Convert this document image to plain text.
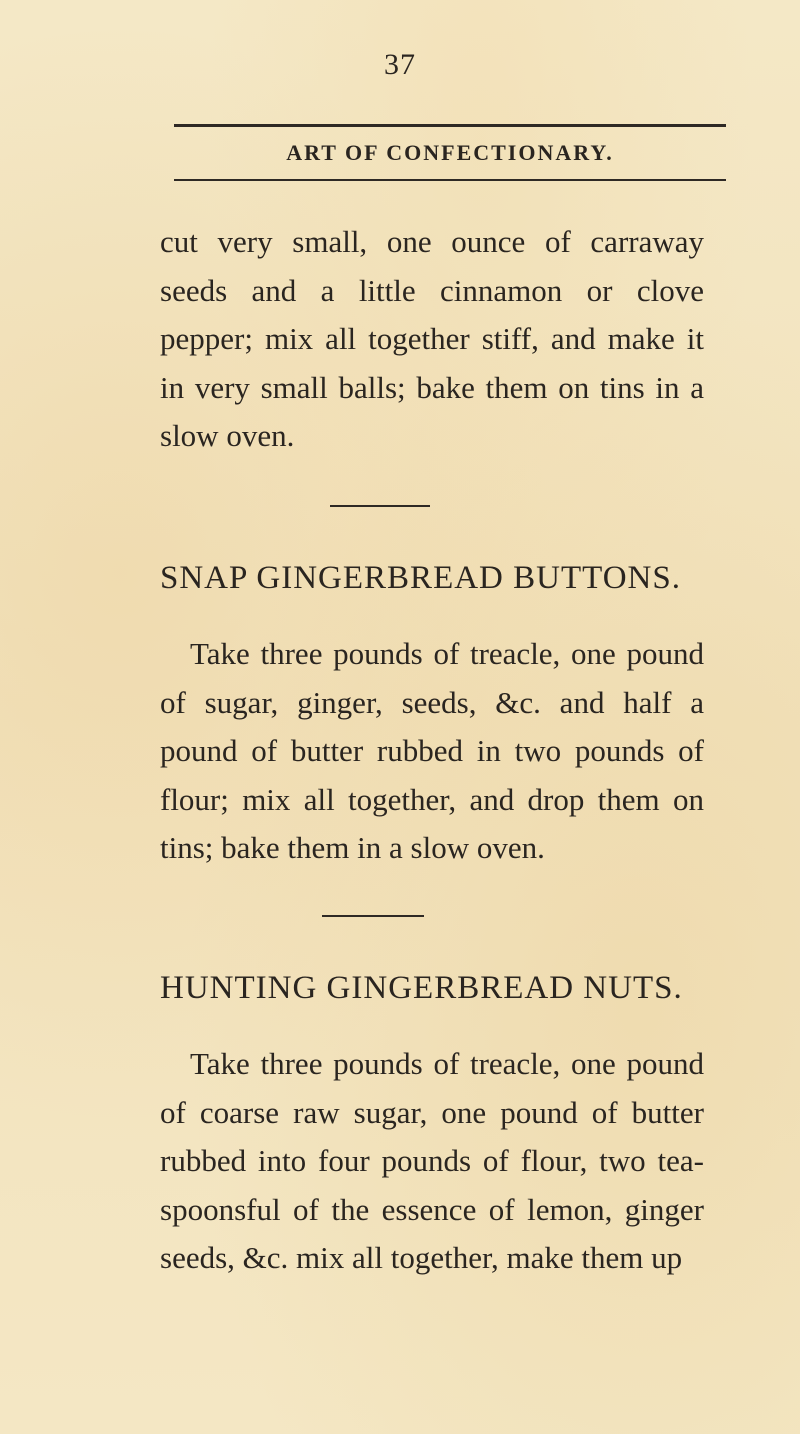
37
ART OF CONFECTIONARY.

cut very small, one ounce of carraway seeds and a little cinnamon or clove pepper; mix all together stiff, and make it in very small balls; bake them on tins in a slow oven.

SNAP GINGERBREAD BUTTONS.

Take three pounds of treacle, one pound of sugar, ginger, seeds, &c. and half a pound of butter rubbed in two pounds of flour; mix all together, and drop them on tins; bake them in a slow oven.

HUNTING GINGERBREAD NUTS.

Take three pounds of treacle, one pound of coarse raw sugar, one pound of butter rubbed into four pounds of flour, two tea-spoonsful of the essence of lemon, ginger seeds, &c. mix all together, make them up
